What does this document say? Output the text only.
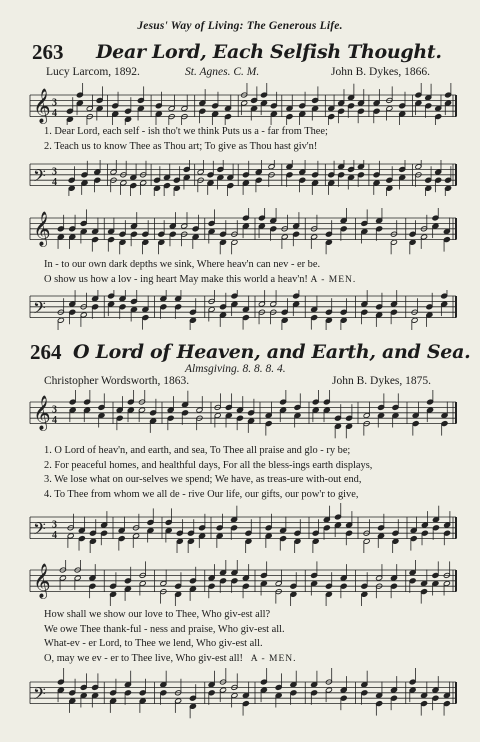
Jesus' Way of Living: The Generous Life.
263 Dear Lord, Each Selfish Thought.
Lucy Larcom, 1892.	St. Agnes. C. M.	John B. Dykes, 1866.
𝄞 3
4
1. Dear Lord, each self - ish tho't we think Puts us a - far from Thee;
2. Teach us to know Thee as Thou art; To give as Thou hast giv'n!
𝄢 3
4
𝄞
In - to our own dark depths we sink, Where heav'n can nev - er be.
O show us how a lov - ing heart May make this world a heav'n! A - MEN.
𝄢
264 O Lord of Heaven, and Earth, and Sea.
Almsgiving. 8. 8. 8. 4.
Christopher Wordsworth, 1863.	John B. Dykes, 1875.
𝄞 3
4
1. O Lord of heav'n, and earth, and sea, To Thee all praise and glo - ry be;
2. For peaceful homes, and healthful days, For all the bless-ings earth displays,
3. We lose what on our-selves we spend; We have, as treas-ure with-out end,
4. To Thee from whom we all de - rive Our life, our gifts, our pow'r to give,
𝄢 3
4
𝄞
How shall we show our love to Thee, Who giv-est all?
We owe Thee thank-ful - ness and praise, Who giv-est all.
What-ev - er Lord, to Thee we lend, Who giv-est all.
O, may we ev - er to Thee live, Who giv-est all! A - MEN.
𝄢
